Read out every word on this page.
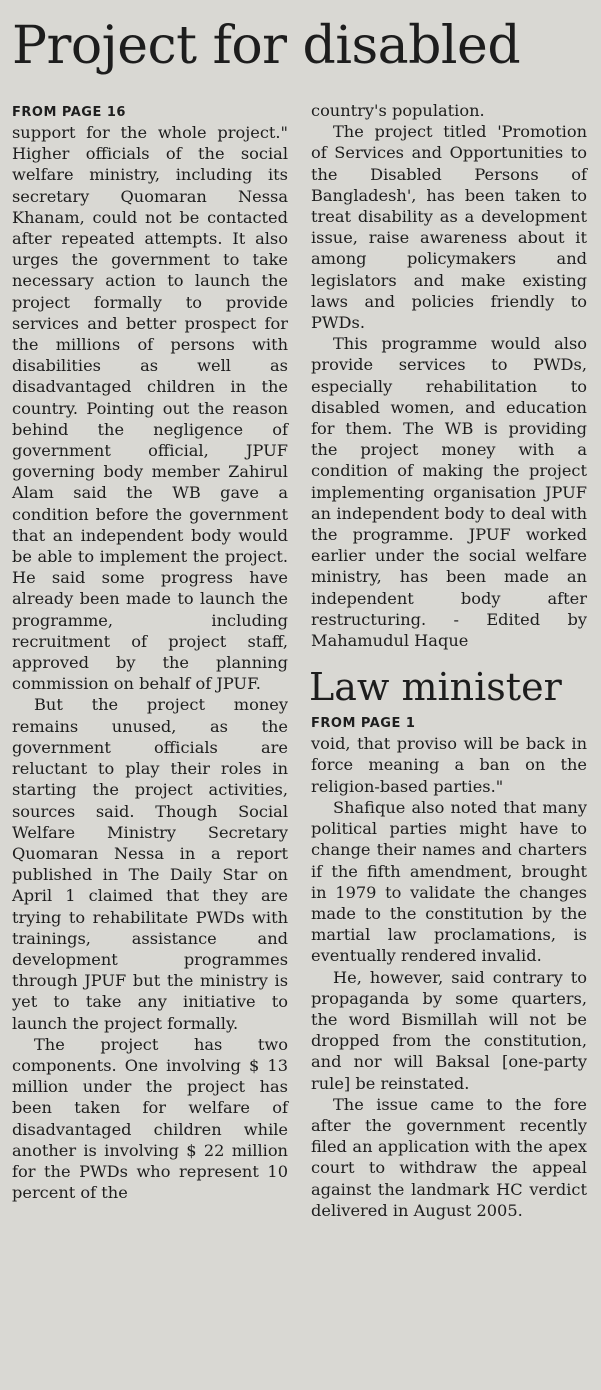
Project for disabled
FROM PAGE 16

support for the whole project." Higher officials of the social welfare ministry, including its secretary Quomaran Nessa Khanam, could not be contacted after repeated attempts. It also urges the government to take necessary action to launch the project formally to provide services and better prospect for the millions of persons with disabilities as well as disadvantaged children in the country. Pointing out the reason behind the negligence of government official, JPUF governing body member Zahirul Alam said the WB gave a condition before the government that an independent body would be able to implement the project. He said some progress have already been made to launch the programme, including recruitment of project staff, approved by the planning commission on behalf of JPUF.

But the project money remains unused, as the government officials are reluctant to play their roles in starting the project activities, sources said. Though Social Welfare Ministry Secretary Quomaran Nessa in a report published in The Daily Star on April 1 claimed that they are trying to rehabilitate PWDs with trainings, assistance and development programmes through JPUF but the ministry is yet to take any initiative to launch the project formally.

The project has two components. One involving $ 13 million under the project has been taken for welfare of disadvantaged children while another is involving $ 22 million for the PWDs who represent 10 percent of the

country's population.

The project titled 'Promotion of Services and Opportunities to the Disabled Persons of Bangladesh', has been taken to treat disability as a development issue, raise awareness about it among policymakers and legislators and make existing laws and policies friendly to PWDs.

This programme would also provide services to PWDs, especially rehabilitation to disabled women, and education for them. The WB is providing the project money with a condition of making the project implementing organisation JPUF an independent body to deal with the programme. JPUF worked earlier under the social welfare ministry, has been made an independent body after restructuring. - Edited by Mahamudul Haque

Law minister
FROM PAGE 1

void, that proviso will be back in force meaning a ban on the religion-based parties."

Shafique also noted that many political parties might have to change their names and charters if the fifth amendment, brought in 1979 to validate the changes made to the constitution by the martial law proclamations, is eventually rendered invalid.

He, however, said contrary to propaganda by some quarters, the word Bismillah will not be dropped from the constitution, and nor will Baksal [one-party rule] be reinstated.

The issue came to the fore after the government recently filed an application with the apex court to withdraw the appeal against the landmark HC verdict delivered in August 2005.
